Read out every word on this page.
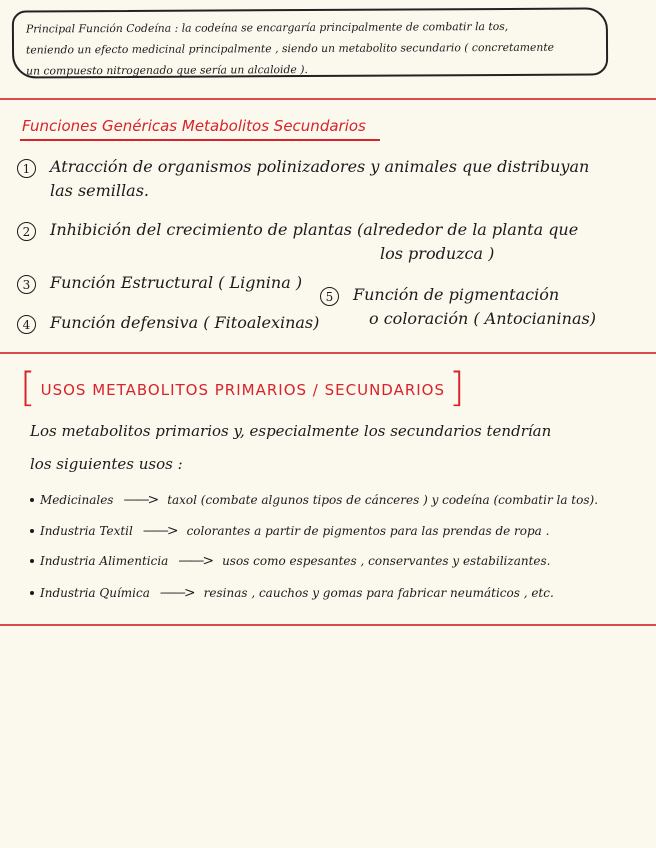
Principal Función Codeína : la codeína se encargaría principalmente de combatir la tos,
teniendo un efecto medicinal principalmente , siendo un metabolito secundario ( concretamente
un compuesto nitrogenado que sería un alcaloide ).
Funciones Genéricas Metabolitos Secundarios
1	Atracción de organismos polinizadores y animales que distribuyan
las semillas.
2	Inhibición del crecimiento de plantas (alrededor de la planta que
los produzca )
3	Función Estructural ( Lignina )
4	Función defensiva ( Fitoalexinas)
5	Función de pigmentación
o coloración ( Antocianinas)
[ USOS METABOLITOS PRIMARIOS / SECUNDARIOS ]
Los metabolitos primarios y, especialmente los secundarios tendrían
los siguientes usos :
Medicinales ——> taxol (combate algunos tipos de cánceres ) y codeína (combatir la tos).
Industria Textil ——> colorantes a partir de pigmentos para las prendas de ropa .
Industria Alimenticia ——> usos como espesantes , conservantes y estabilizantes.
Industria Química ——> resinas , cauchos y gomas para fabricar neumáticos , etc.
